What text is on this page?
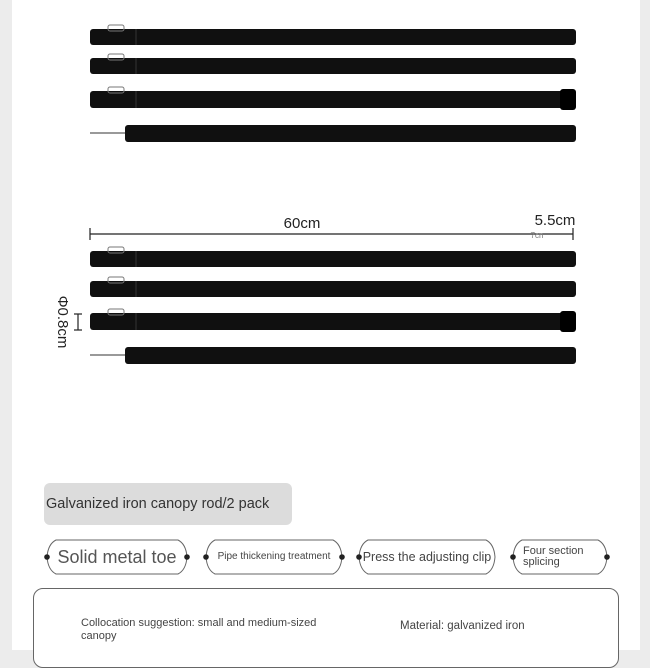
60cm	5.5cm
7cn
Φ0.8cm
Galvanized iron canopy rod/2 pack
Solid metal toe	Pipe thickening treatment	Press the adjusting clip	Four section splicing
Collocation suggestion: small and medium-sized canopy
Material: galvanized iron
